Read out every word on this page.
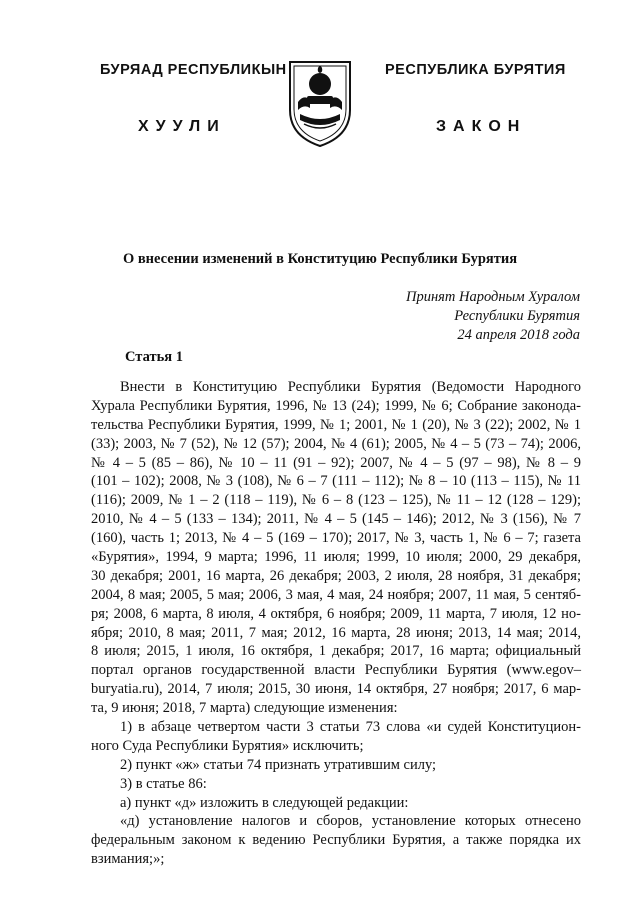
БУРЯАД РЕСПУБЛИКЫН	РЕСПУБЛИКА БУРЯТИЯ
ХУУЛИ	ЗАКОН
О внесении изменений в Конституцию Республики Бурятия
Принят Народным Хуралом
Республики Бурятия
24 апреля 2018 года
Статья 1
Внести в Конституцию Республики Бурятия (Ведомости Народного
Хурала Республики Бурятия, 1996, № 13 (24); 1999, № 6; Собрание законода-
тельства Республики Бурятия, 1999, № 1; 2001, № 1 (20), № 3 (22); 2002, № 1
(33); 2003, № 7 (52), № 12 (57); 2004, № 4 (61); 2005, № 4 – 5 (73 – 74); 2006,
№ 4 – 5 (85 – 86), № 10 – 11 (91 – 92); 2007, № 4 – 5 (97 – 98), № 8 – 9
(101 – 102); 2008, № 3 (108), № 6 – 7 (111 – 112); № 8 – 10 (113 – 115), № 11
(116); 2009, № 1 – 2 (118 – 119), № 6 – 8 (123 – 125), № 11 – 12 (128 – 129);
2010, № 4 – 5 (133 – 134); 2011, № 4 – 5 (145 – 146); 2012, № 3 (156), № 7
(160), часть 1; 2013, № 4 – 5 (169 – 170); 2017, № 3, часть 1, № 6 – 7; газета
«Бурятия», 1994, 9 марта; 1996, 11 июля; 1999, 10 июля; 2000, 29 декабря,
30 декабря; 2001, 16 марта, 26 декабря; 2003, 2 июля, 28 ноября, 31 декабря;
2004, 8 мая; 2005, 5 мая; 2006, 3 мая, 4 мая, 24 ноября; 2007, 11 мая, 5 сентяб-
ря; 2008, 6 марта, 8 июля, 4 октября, 6 ноября; 2009, 11 марта, 7 июля, 12 но-
ября; 2010, 8 мая; 2011, 7 мая; 2012, 16 марта, 28 июня; 2013, 14 мая; 2014,
8 июля; 2015, 1 июля, 16 октября, 1 декабря; 2017, 16 марта; официальный
портал органов государственной власти Республики Бурятия (www.egov–
buryatia.ru), 2014, 7 июля; 2015, 30 июня, 14 октября, 27 ноября; 2017, 6 мар-
та, 9 июня; 2018, 7 марта) следующие изменения:
1) в абзаце четвертом части 3 статьи 73 слова «и судей Конституцион-
ного Суда Республики Бурятия» исключить;
2) пункт «ж» статьи 74 признать утратившим силу;
3) в статье 86:
а) пункт «д» изложить в следующей редакции:
«д) установление налогов и сборов, установление которых отнесено
федеральным законом к ведению Республики Бурятия, а также порядка их
взимания;»;
